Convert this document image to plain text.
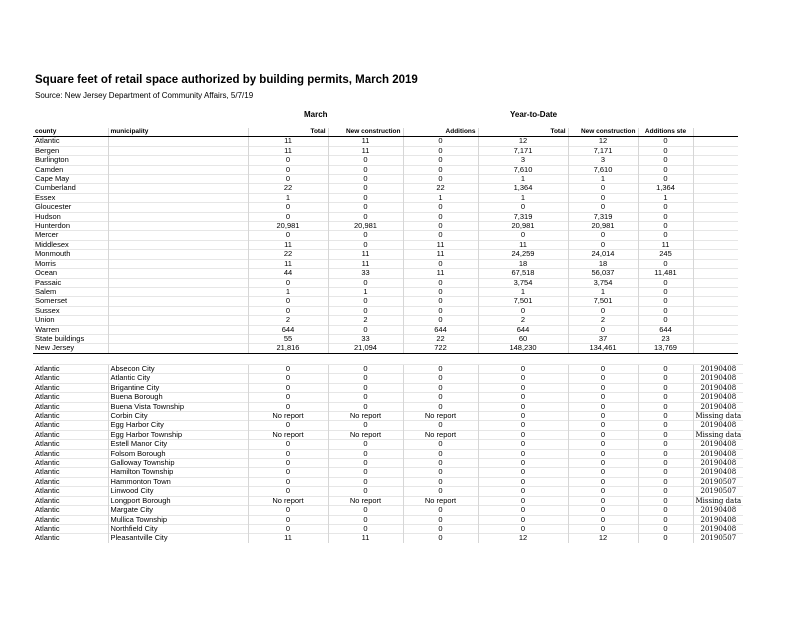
Square feet of retail space authorized by building permits, March 2019
Source: New Jersey Department of Community Affairs, 5/7/19
March	Year-to-Date
county	municipality	Total	New construction	Additions	Total	New construction	Additions ste	
Atlantic		11	11	0	12	12	0	
Bergen		11	11	0	7,171	7,171	0	
Burlington		0	0	0	3	3	0	
Camden		0	0	0	7,610	7,610	0	
Cape May		0	0	0	1	1	0	
Cumberland		22	0	22	1,364	0	1,364	
Essex		1	0	1	1	0	1	
Gloucester		0	0	0	0	0	0	
Hudson		0	0	0	7,319	7,319	0	
Hunterdon		20,981	20,981	0	20,981	20,981	0	
Mercer		0	0	0	0	0	0	
Middlesex		11	0	11	11	0	11	
Monmouth		22	11	11	24,259	24,014	245	
Morris		11	11	0	18	18	0	
Ocean		44	33	11	67,518	56,037	11,481	
Passaic		0	0	0	3,754	3,754	0	
Salem		1	1	0	1	1	0	
Somerset		0	0	0	7,501	7,501	0	
Sussex		0	0	0	0	0	0	
Union		2	2	0	2	2	0	
Warren		644	0	644	644	0	644	
State buildings		55	33	22	60	37	23	
New Jersey		21,816	21,094	722	148,230	134,461	13,769	
Atlantic	Absecon City	0	0	0	0	0	0	20190408
Atlantic	Atlantic City	0	0	0	0	0	0	20190408
Atlantic	Brigantine City	0	0	0	0	0	0	20190408
Atlantic	Buena Borough	0	0	0	0	0	0	20190408
Atlantic	Buena Vista Township	0	0	0	0	0	0	20190408
Atlantic	Corbin City	No report	No report	No report	0	0	0	Missing data
Atlantic	Egg Harbor City	0	0	0	0	0	0	20190408
Atlantic	Egg Harbor Township	No report	No report	No report	0	0	0	Missing data
Atlantic	Estell Manor City	0	0	0	0	0	0	20190408
Atlantic	Folsom Borough	0	0	0	0	0	0	20190408
Atlantic	Galloway Township	0	0	0	0	0	0	20190408
Atlantic	Hamilton Township	0	0	0	0	0	0	20190408
Atlantic	Hammonton Town	0	0	0	0	0	0	20190507
Atlantic	Linwood City	0	0	0	0	0	0	20190507
Atlantic	Longport Borough	No report	No report	No report	0	0	0	Missing data
Atlantic	Margate City	0	0	0	0	0	0	20190408
Atlantic	Mullica Township	0	0	0	0	0	0	20190408
Atlantic	Northfield City	0	0	0	0	0	0	20190408
Atlantic	Pleasantville City	11	11	0	12	12	0	20190507
